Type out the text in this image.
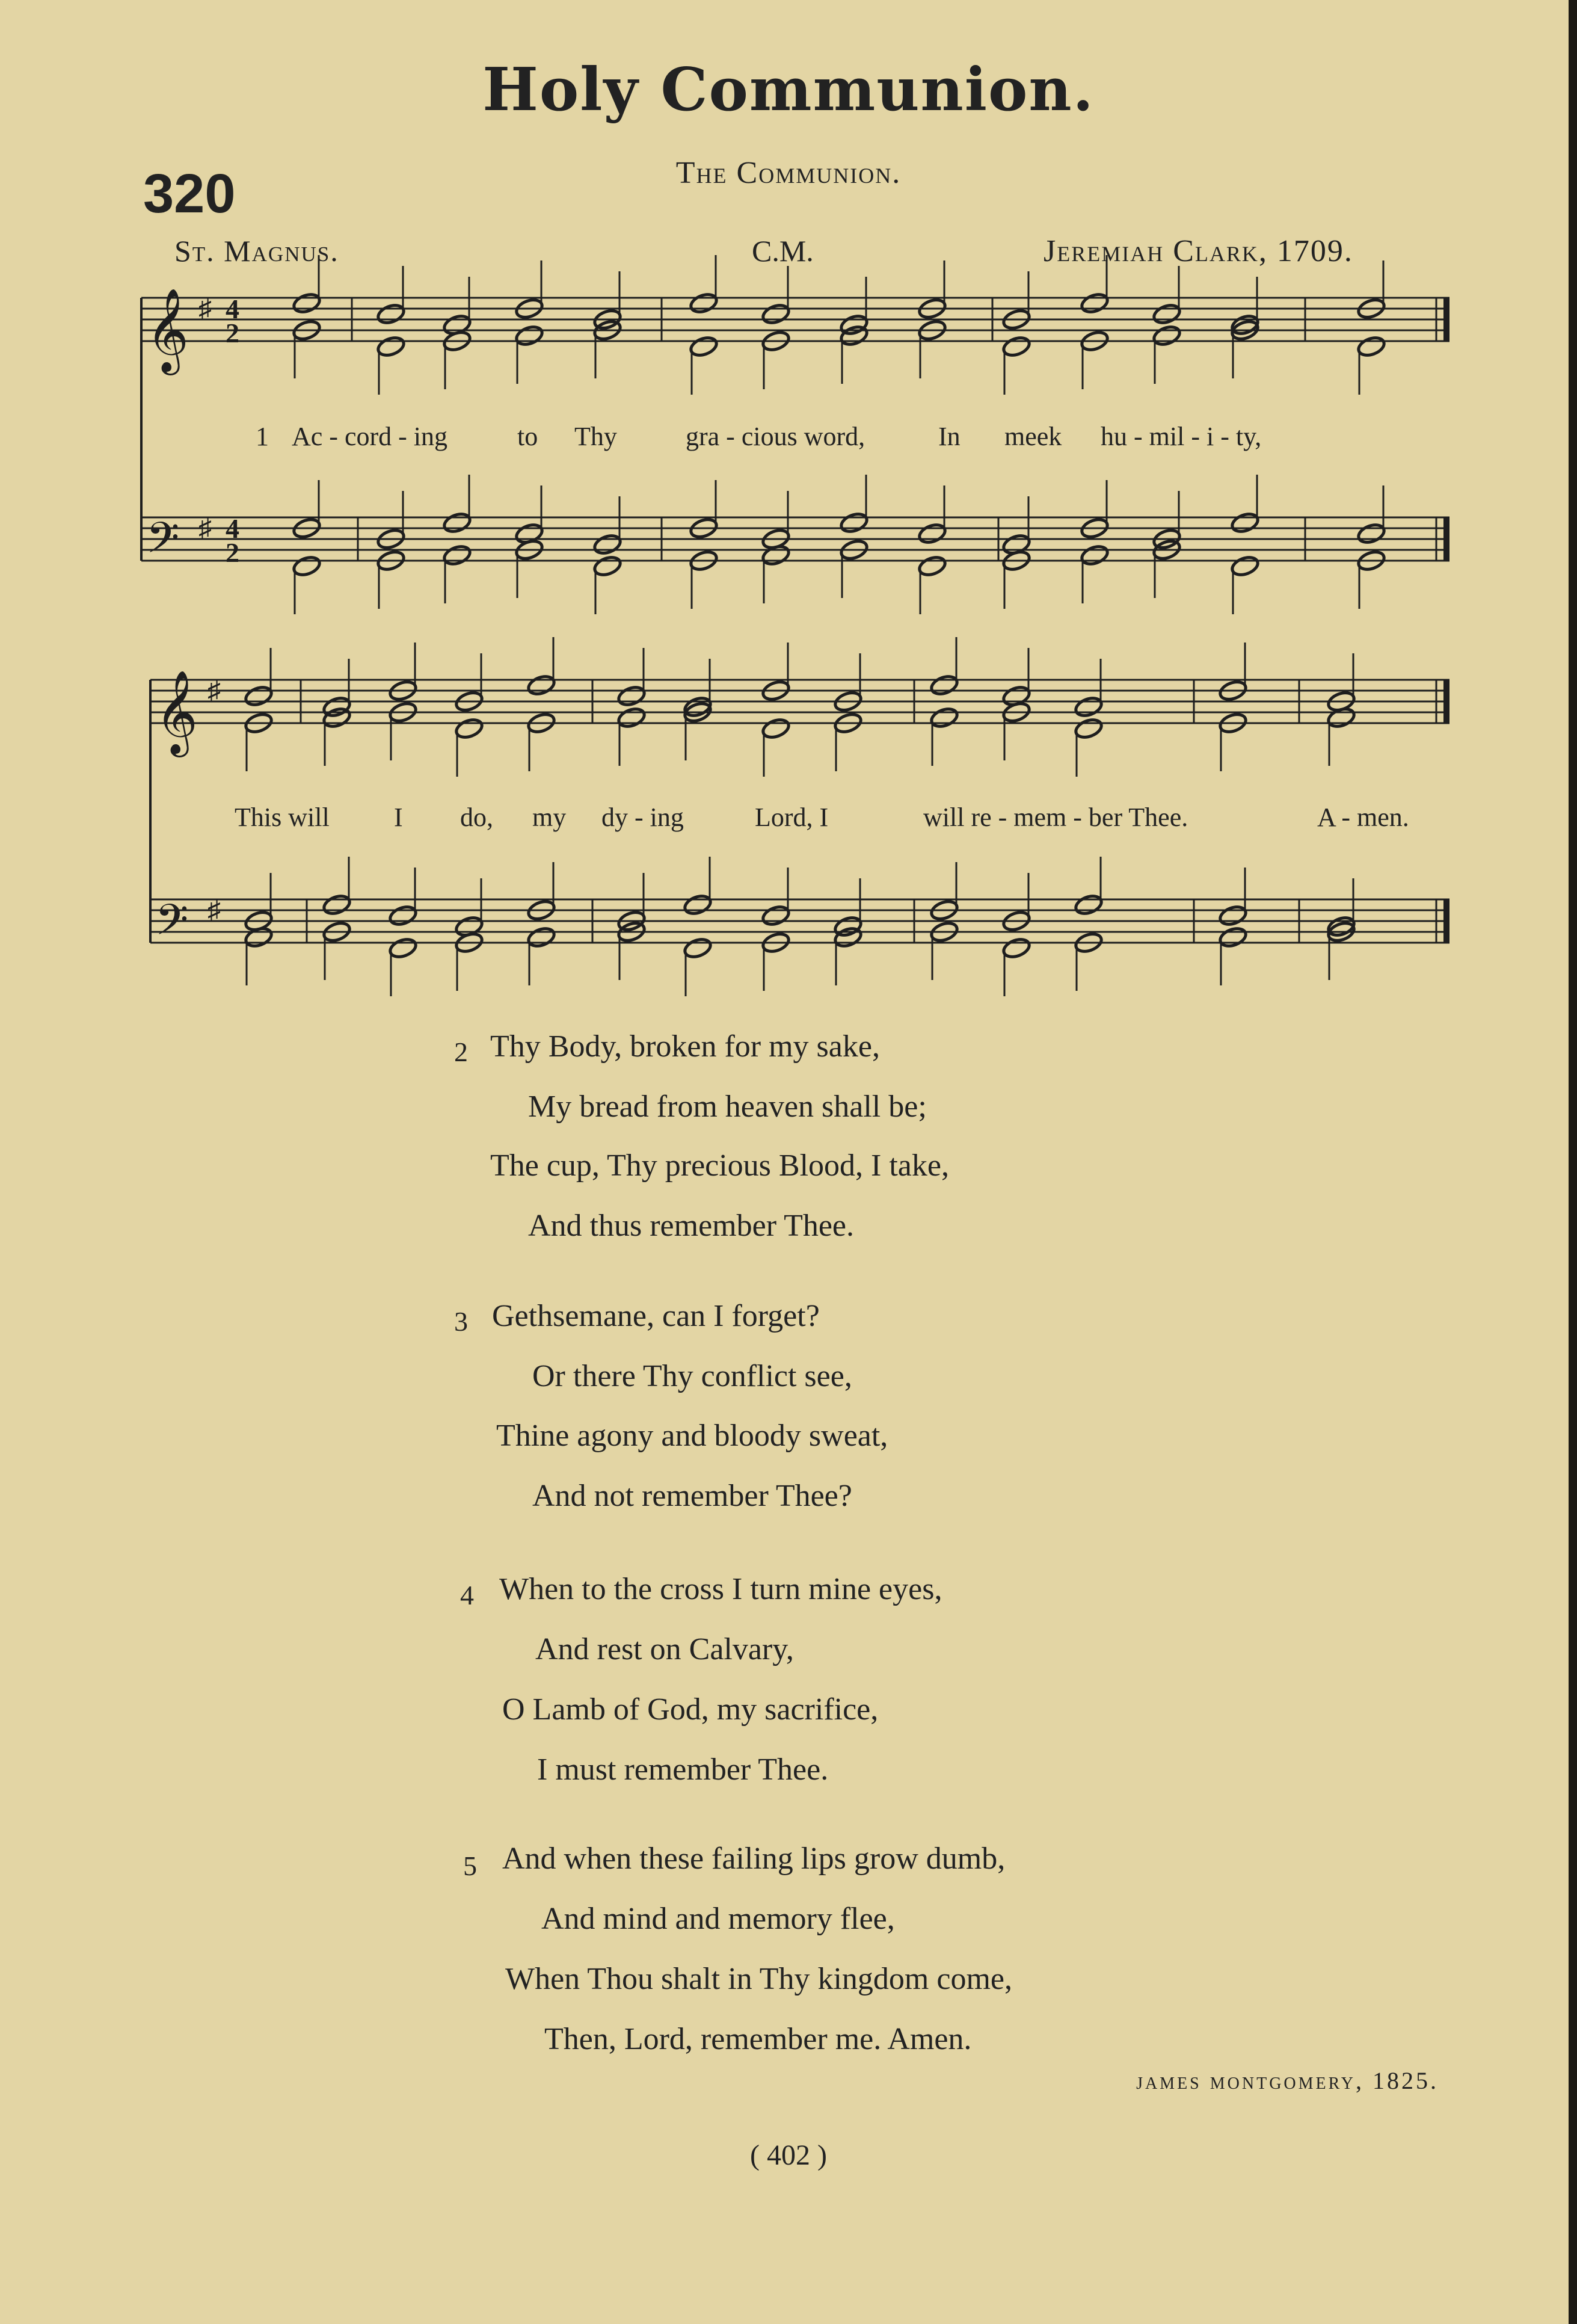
Holy Communion.
320	The Communion.
St. Magnus.	C.M.	Jeremiah Clark, 1709.
𝄞 4
2
♯
𝄢 4
2
♯
𝄞 ♯
𝄢 ♯
1 Ac - cord - ing	to Thy	gra - cious word,	In meek hu - mil - i - ty,
This will I do, my dy - ing	Lord, I	will re - mem - ber Thee.	A - men.
2 Thy Body, broken for my sake,
My bread from heaven shall be;
The cup, Thy precious Blood, I take,
And thus remember Thee.
3 Gethsemane, can I forget?
Or there Thy conflict see,
Thine agony and bloody sweat,
And not remember Thee?
4 When to the cross I turn mine eyes,
And rest on Calvary,
O Lamb of God, my sacrifice,
I must remember Thee.
5 And when these failing lips grow dumb,
And mind and memory flee,
When Thou shalt in Thy kingdom come,
Then, Lord, remember me. Amen.
james montgomery, 1825.
( 402 )
